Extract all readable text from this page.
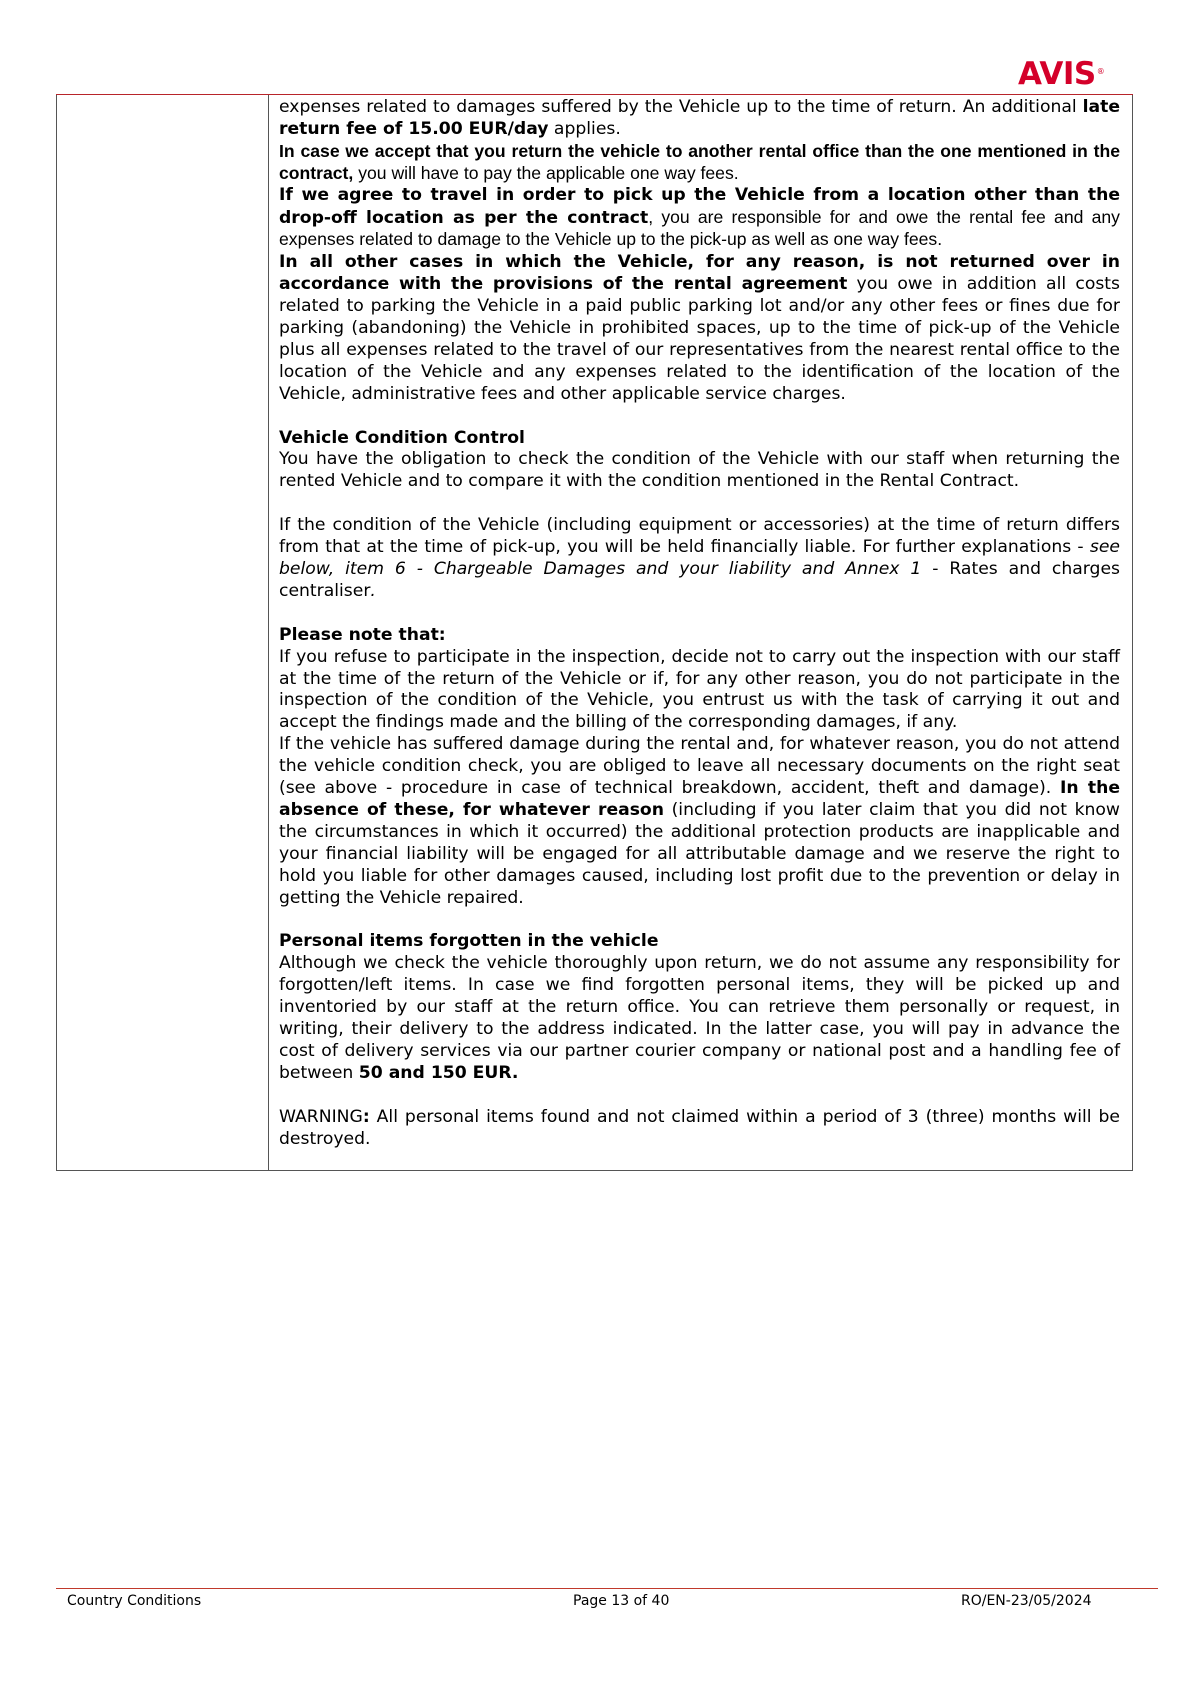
AVIS®

expenses related to damages suffered by the Vehicle up to the time of return. An additional late return fee of 15.00 EUR/day applies.

In case we accept that you return the vehicle to another rental office than the one mentioned in the contract, you will have to pay the applicable one way fees.

If we agree to travel in order to pick up the Vehicle from a location other than the drop-off location as per the contract, you are responsible for and owe the rental fee and any expenses related to damage to the Vehicle up to the pick-up as well as one way fees.

In all other cases in which the Vehicle, for any reason, is not returned over in accordance with the provisions of the rental agreement you owe in addition all costs related to parking the Vehicle in a paid public parking lot and/or any other fees or fines due for parking (abandoning) the Vehicle in prohibited spaces, up to the time of pick-up of the Vehicle plus all expenses related to the travel of our representatives from the nearest rental office to the location of the Vehicle and any expenses related to the identification of the location of the Vehicle, administrative fees and other applicable service charges.

Vehicle Condition Control

You have the obligation to check the condition of the Vehicle with our staff when returning the rented Vehicle and to compare it with the condition mentioned in the Rental Contract.

If the condition of the Vehicle (including equipment or accessories) at the time of return differs from that at the time of pick-up, you will be held financially liable. For further explanations - see below, item 6 - Chargeable Damages and your liability and Annex 1 - Rates and charges centraliser.

Please note that:

If you refuse to participate in the inspection, decide not to carry out the inspection with our staff at the time of the return of the Vehicle or if, for any other reason, you do not participate in the inspection of the condition of the Vehicle, you entrust us with the task of carrying it out and accept the findings made and the billing of the corresponding damages, if any.

If the vehicle has suffered damage during the rental and, for whatever reason, you do not attend the vehicle condition check, you are obliged to leave all necessary documents on the right seat (see above - procedure in case of technical breakdown, accident, theft and damage). In the absence of these, for whatever reason (including if you later claim that you did not know the circumstances in which it occurred) the additional protection products are inapplicable and your financial liability will be engaged for all attributable damage and we reserve the right to hold you liable for other damages caused, including lost profit due to the prevention or delay in getting the Vehicle repaired.

Personal items forgotten in the vehicle

Although we check the vehicle thoroughly upon return, we do not assume any responsibility for forgotten/left items. In case we find forgotten personal items, they will be picked up and inventoried by our staff at the return office. You can retrieve them personally or request, in writing, their delivery to the address indicated. In the latter case, you will pay in advance the cost of delivery services via our partner courier company or national post and a handling fee of between 50 and 150 EUR.

WARNING: All personal items found and not claimed within a period of 3 (three) months will be destroyed.

Country Conditions	Page 13 of 40	RO/EN-23/05/2024
